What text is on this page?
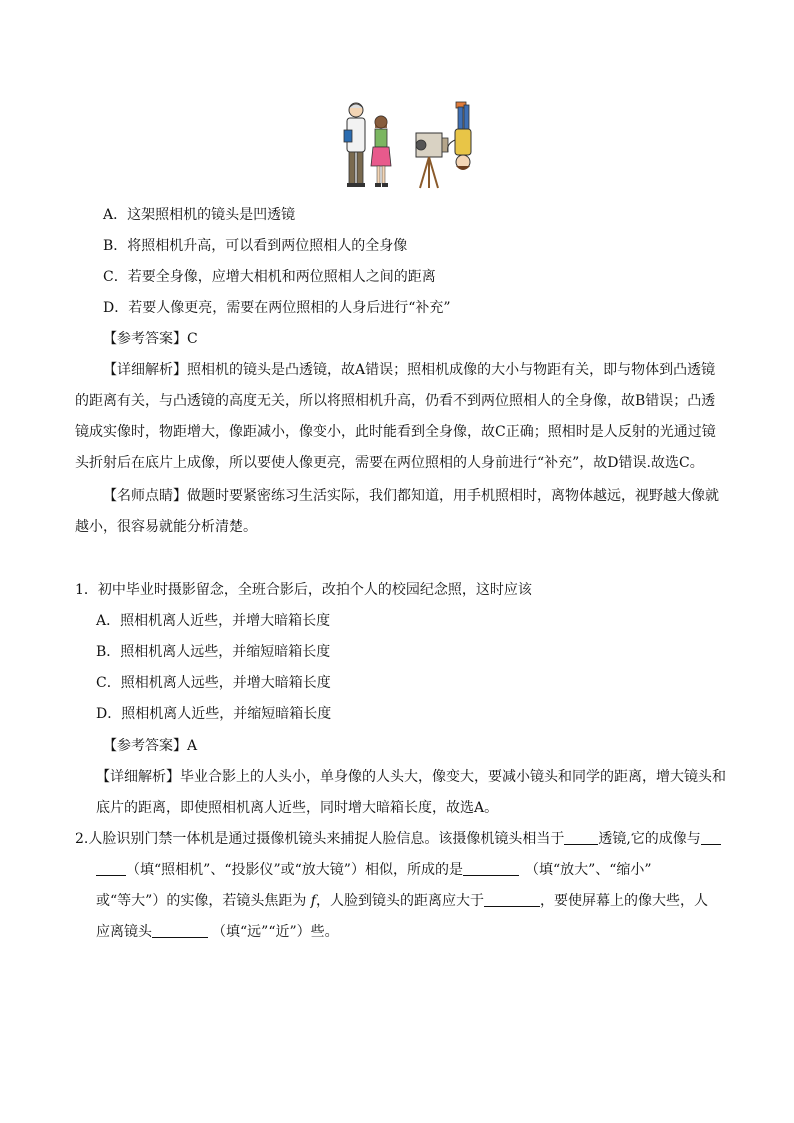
A．这架照相机的镜头是凹透镜
B．将照相机升高，可以看到两位照相人的全身像
C．若要全身像，应增大相机和两位照相人之间的距离
D．若要人像更亮，需要在两位照相的人身后进行“补充”
【参考答案】C
【详细解析】照相机的镜头是凸透镜，故A错误；照相机成像的大小与物距有关，即与物体到凸透镜
的距离有关，与凸透镜的高度无关，所以将照相机升高，仍看不到两位照相人的全身像，故B错误；凸透
镜成实像时，物距增大，像距减小，像变小，此时能看到全身像，故C正确；照相时是人反射的光通过镜
头折射后在底片上成像，所以要使人像更亮，需要在两位照相的人身前进行“补充”，故D错误.故选C。
【名师点睛】做题时要紧密练习生活实际，我们都知道，用手机照相时，离物体越远，视野越大像就
越小，很容易就能分析清楚。
1．初中毕业时摄影留念，全班合影后，改拍个人的校园纪念照，这时应该
A．照相机离人近些，并增大暗箱长度
B．照相机离人远些，并缩短暗箱长度
C．照相机离人远些，并增大暗箱长度
D．照相机离人近些，并缩短暗箱长度
【参考答案】A
【详细解析】毕业合影上的人头小，单身像的人头大，像变大，要减小镜头和同学的距离，增大镜头和
底片的距离，即使照相机离人近些，同时增大暗箱长度，故选A。
2.人脸识别门禁一体机是通过摄像机镜头来捕捉人脸信息。该摄像机镜头相当于 透镜,它的成像与
（填“照相机”、“投影仪”或“放大镜”）相似，所成的是	（填“放大”、“缩小”
或“等大”）的实像，若镜头焦距为 f，人脸到镜头的距离应大于	，要使屏幕上的像大些，人
应离镜头	（填“远”“近”）些。
